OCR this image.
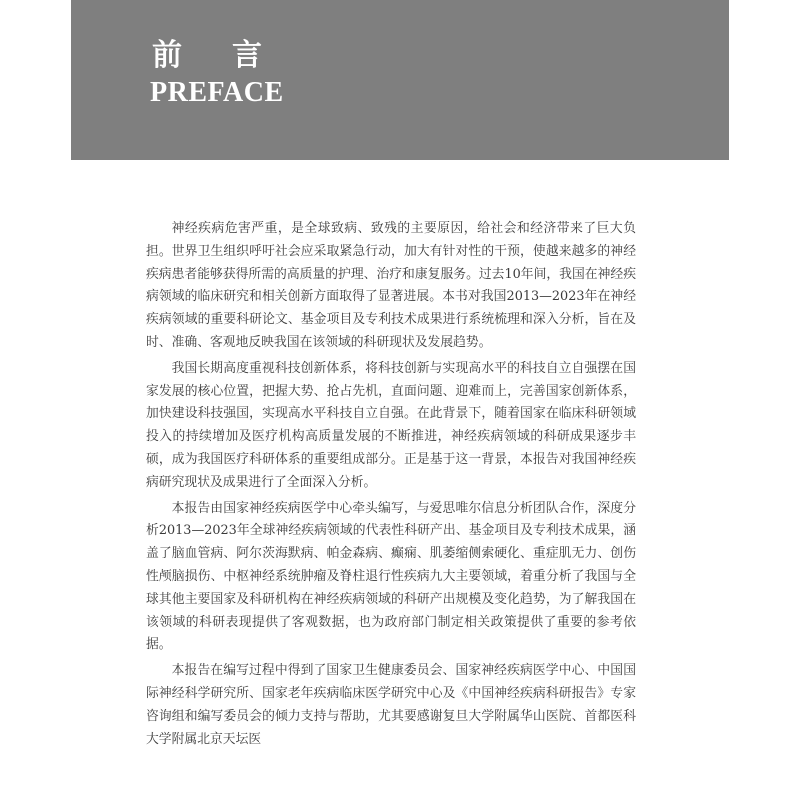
前言
PREFACE

神经疾病危害严重，是全球致病、致残的主要原因，给社会和经济带来了巨大负担。世界卫生组织呼吁社会应采取紧急行动，加大有针对性的干预，使越来越多的神经疾病患者能够获得所需的高质量的护理、治疗和康复服务。过去10年间，我国在神经疾病领域的临床研究和相关创新方面取得了显著进展。本书对我国2013—2023年在神经疾病领域的重要科研论文、基金项目及专利技术成果进行系统梳理和深入分析，旨在及时、准确、客观地反映我国在该领域的科研现状及发展趋势。

我国长期高度重视科技创新体系，将科技创新与实现高水平的科技自立自强摆在国家发展的核心位置，把握大势、抢占先机，直面问题、迎难而上，完善国家创新体系，加快建设科技强国，实现高水平科技自立自强。在此背景下，随着国家在临床科研领域投入的持续增加及医疗机构高质量发展的不断推进，神经疾病领域的科研成果逐步丰硕，成为我国医疗科研体系的重要组成部分。正是基于这一背景，本报告对我国神经疾病研究现状及成果进行了全面深入分析。

本报告由国家神经疾病医学中心牵头编写，与爱思唯尔信息分析团队合作，深度分析2013—2023年全球神经疾病领域的代表性科研产出、基金项目及专利技术成果，涵盖了脑血管病、阿尔茨海默病、帕金森病、癫痫、肌萎缩侧索硬化、重症肌无力、创伤性颅脑损伤、中枢神经系统肿瘤及脊柱退行性疾病九大主要领域，着重分析了我国与全球其他主要国家及科研机构在神经疾病领域的科研产出规模及变化趋势，为了解我国在该领域的科研表现提供了客观数据，也为政府部门制定相关政策提供了重要的参考依据。

本报告在编写过程中得到了国家卫生健康委员会、国家神经疾病医学中心、中国国际神经科学研究所、国家老年疾病临床医学研究中心及《中国神经疾病科研报告》专家咨询组和编写委员会的倾力支持与帮助，尤其要感谢复旦大学附属华山医院、首都医科大学附属北京天坛医
